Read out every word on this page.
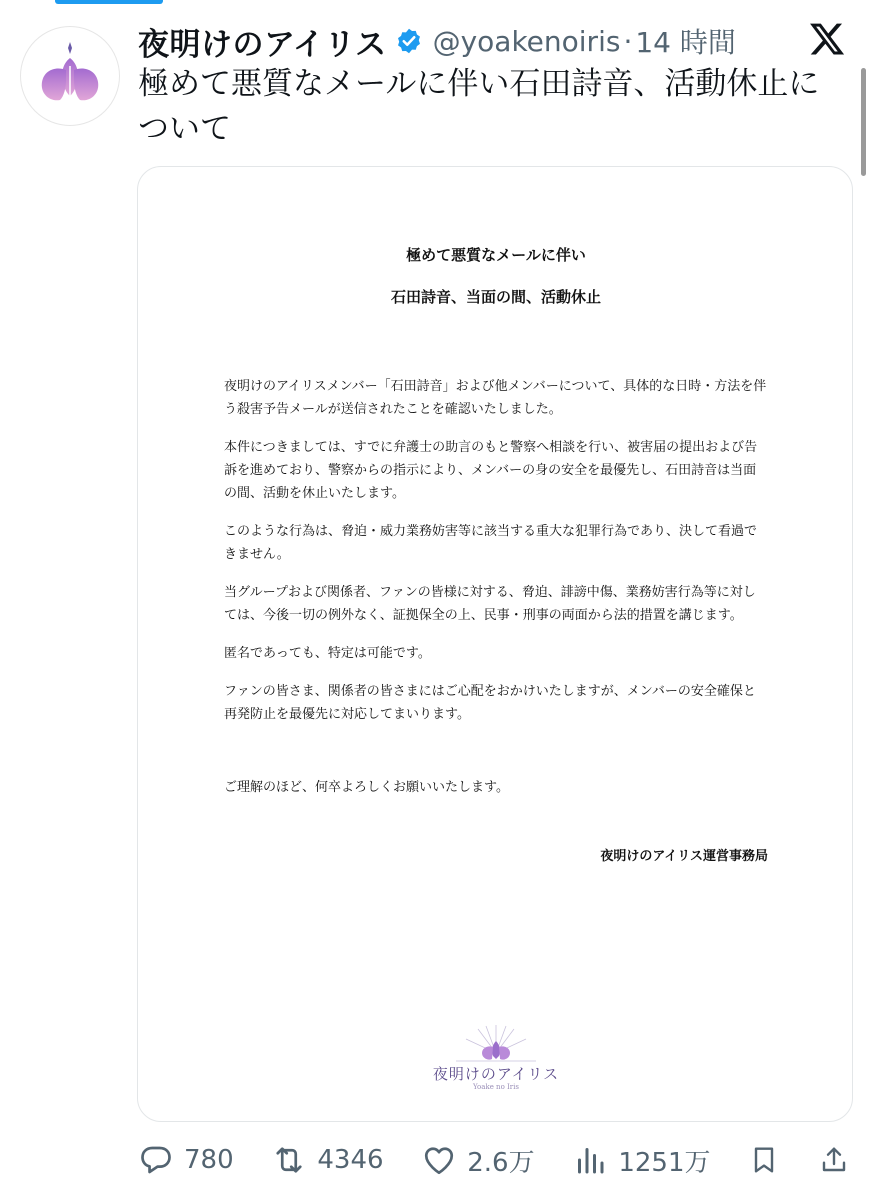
夜明けのアイリス @yoakenoiris · 14 時間
極めて悪質なメールに伴い石田詩音、活動休止について

極めて悪質なメールに伴い

石田詩音、当面の間、活動休止

夜明けのアイリスメンバー「石田詩音」および他メンバーについて、具体的な日時・方法を伴う殺害予告メールが送信されたことを確認いたしました。

本件につきましては、すでに弁護士の助言のもと警察へ相談を行い、被害届の提出および告訴を進めており、警察からの指示により、メンバーの身の安全を最優先し、石田詩音は当面の間、活動を休止いたします。

このような行為は、脅迫・威力業務妨害等に該当する重大な犯罪行為であり、決して看過できません。

当グループおよび関係者、ファンの皆様に対する、脅迫、誹謗中傷、業務妨害行為等に対しては、今後一切の例外なく、証拠保全の上、民事・刑事の両面から法的措置を講じます。

匿名であっても、特定は可能です。

ファンの皆さま、関係者の皆さまにはご心配をおかけいたしますが、メンバーの安全確保と再発防止を最優先に対応してまいります。

ご理解のほど、何卒よろしくお願いいたします。
夜明けのアイリス運営事務局
夜明けのアイリス
Yoake no Iris
780	4346	2.6万	1251万
